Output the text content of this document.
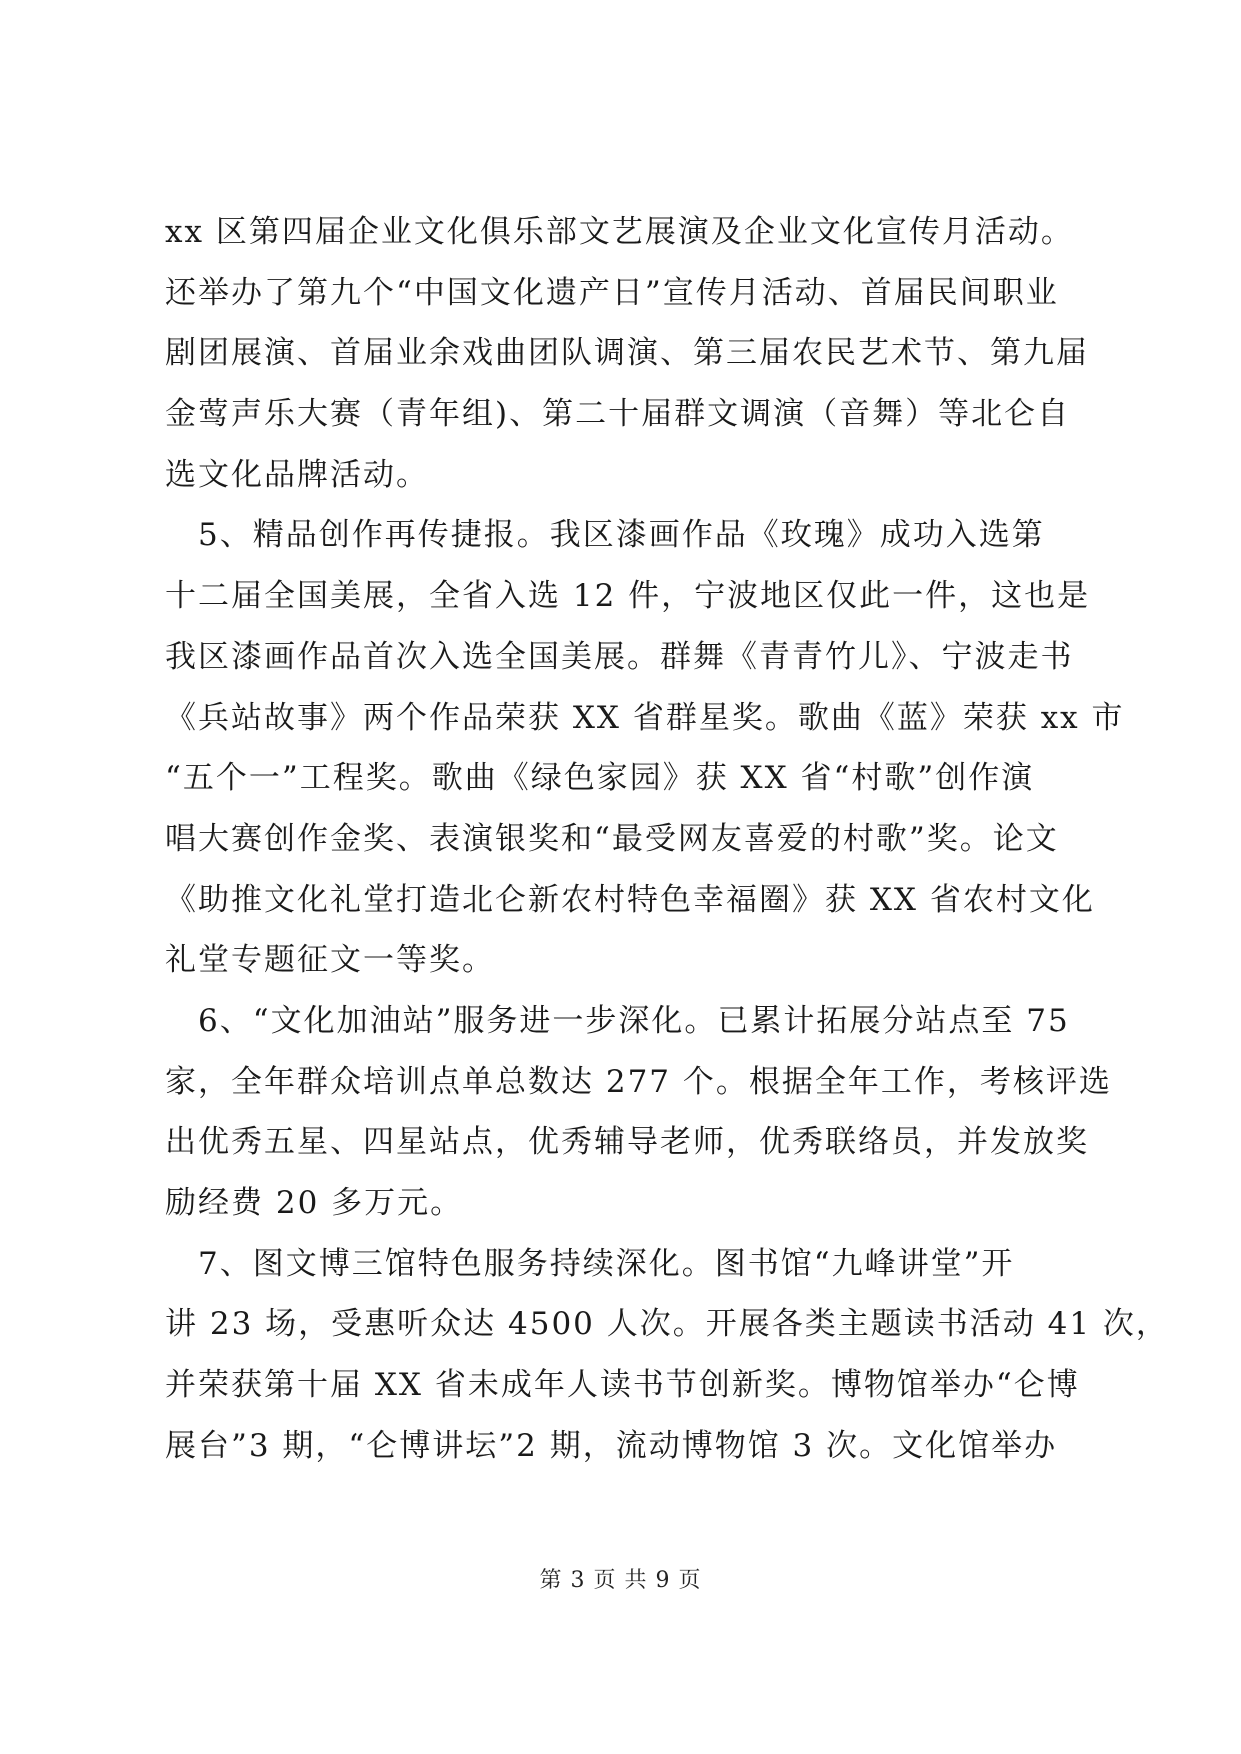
xx 区第四届企业文化俱乐部文艺展演及企业文化宣传月活动。
还举办了第九个“中国文化遗产日”宣传月活动、首届民间职业
剧团展演、首届业余戏曲团队调演、第三届农民艺术节、第九届
金莺声乐大赛（青年组)、第二十届群文调演（音舞）等北仑自
选文化品牌活动。
　5、精品创作再传捷报。我区漆画作品《玫瑰》成功入选第
十二届全国美展，全省入选 12 件，宁波地区仅此一件，这也是
我区漆画作品首次入选全国美展。群舞《青青竹儿》、宁波走书
《兵站故事》两个作品荣获 XX 省群星奖。歌曲《蓝》荣获 xx 市
“五个一”工程奖。歌曲《绿色家园》获 XX 省“村歌”创作演
唱大赛创作金奖、表演银奖和“最受网友喜爱的村歌”奖。论文
《助推文化礼堂打造北仑新农村特色幸福圈》获 XX 省农村文化
礼堂专题征文一等奖。
　6、“文化加油站”服务进一步深化。已累计拓展分站点至 75
家，全年群众培训点单总数达 277 个。根据全年工作，考核评选
出优秀五星、四星站点，优秀辅导老师，优秀联络员，并发放奖
励经费 20 多万元。
　7、图文博三馆特色服务持续深化。图书馆“九峰讲堂”开
讲 23 场，受惠听众达 4500 人次。开展各类主题读书活动 41 次，
并荣获第十届 XX 省未成年人读书节创新奖。博物馆举办“仑博
展台”3 期，“仑博讲坛”2 期，流动博物馆 3 次。文化馆举办
第 3 页 共 9 页
